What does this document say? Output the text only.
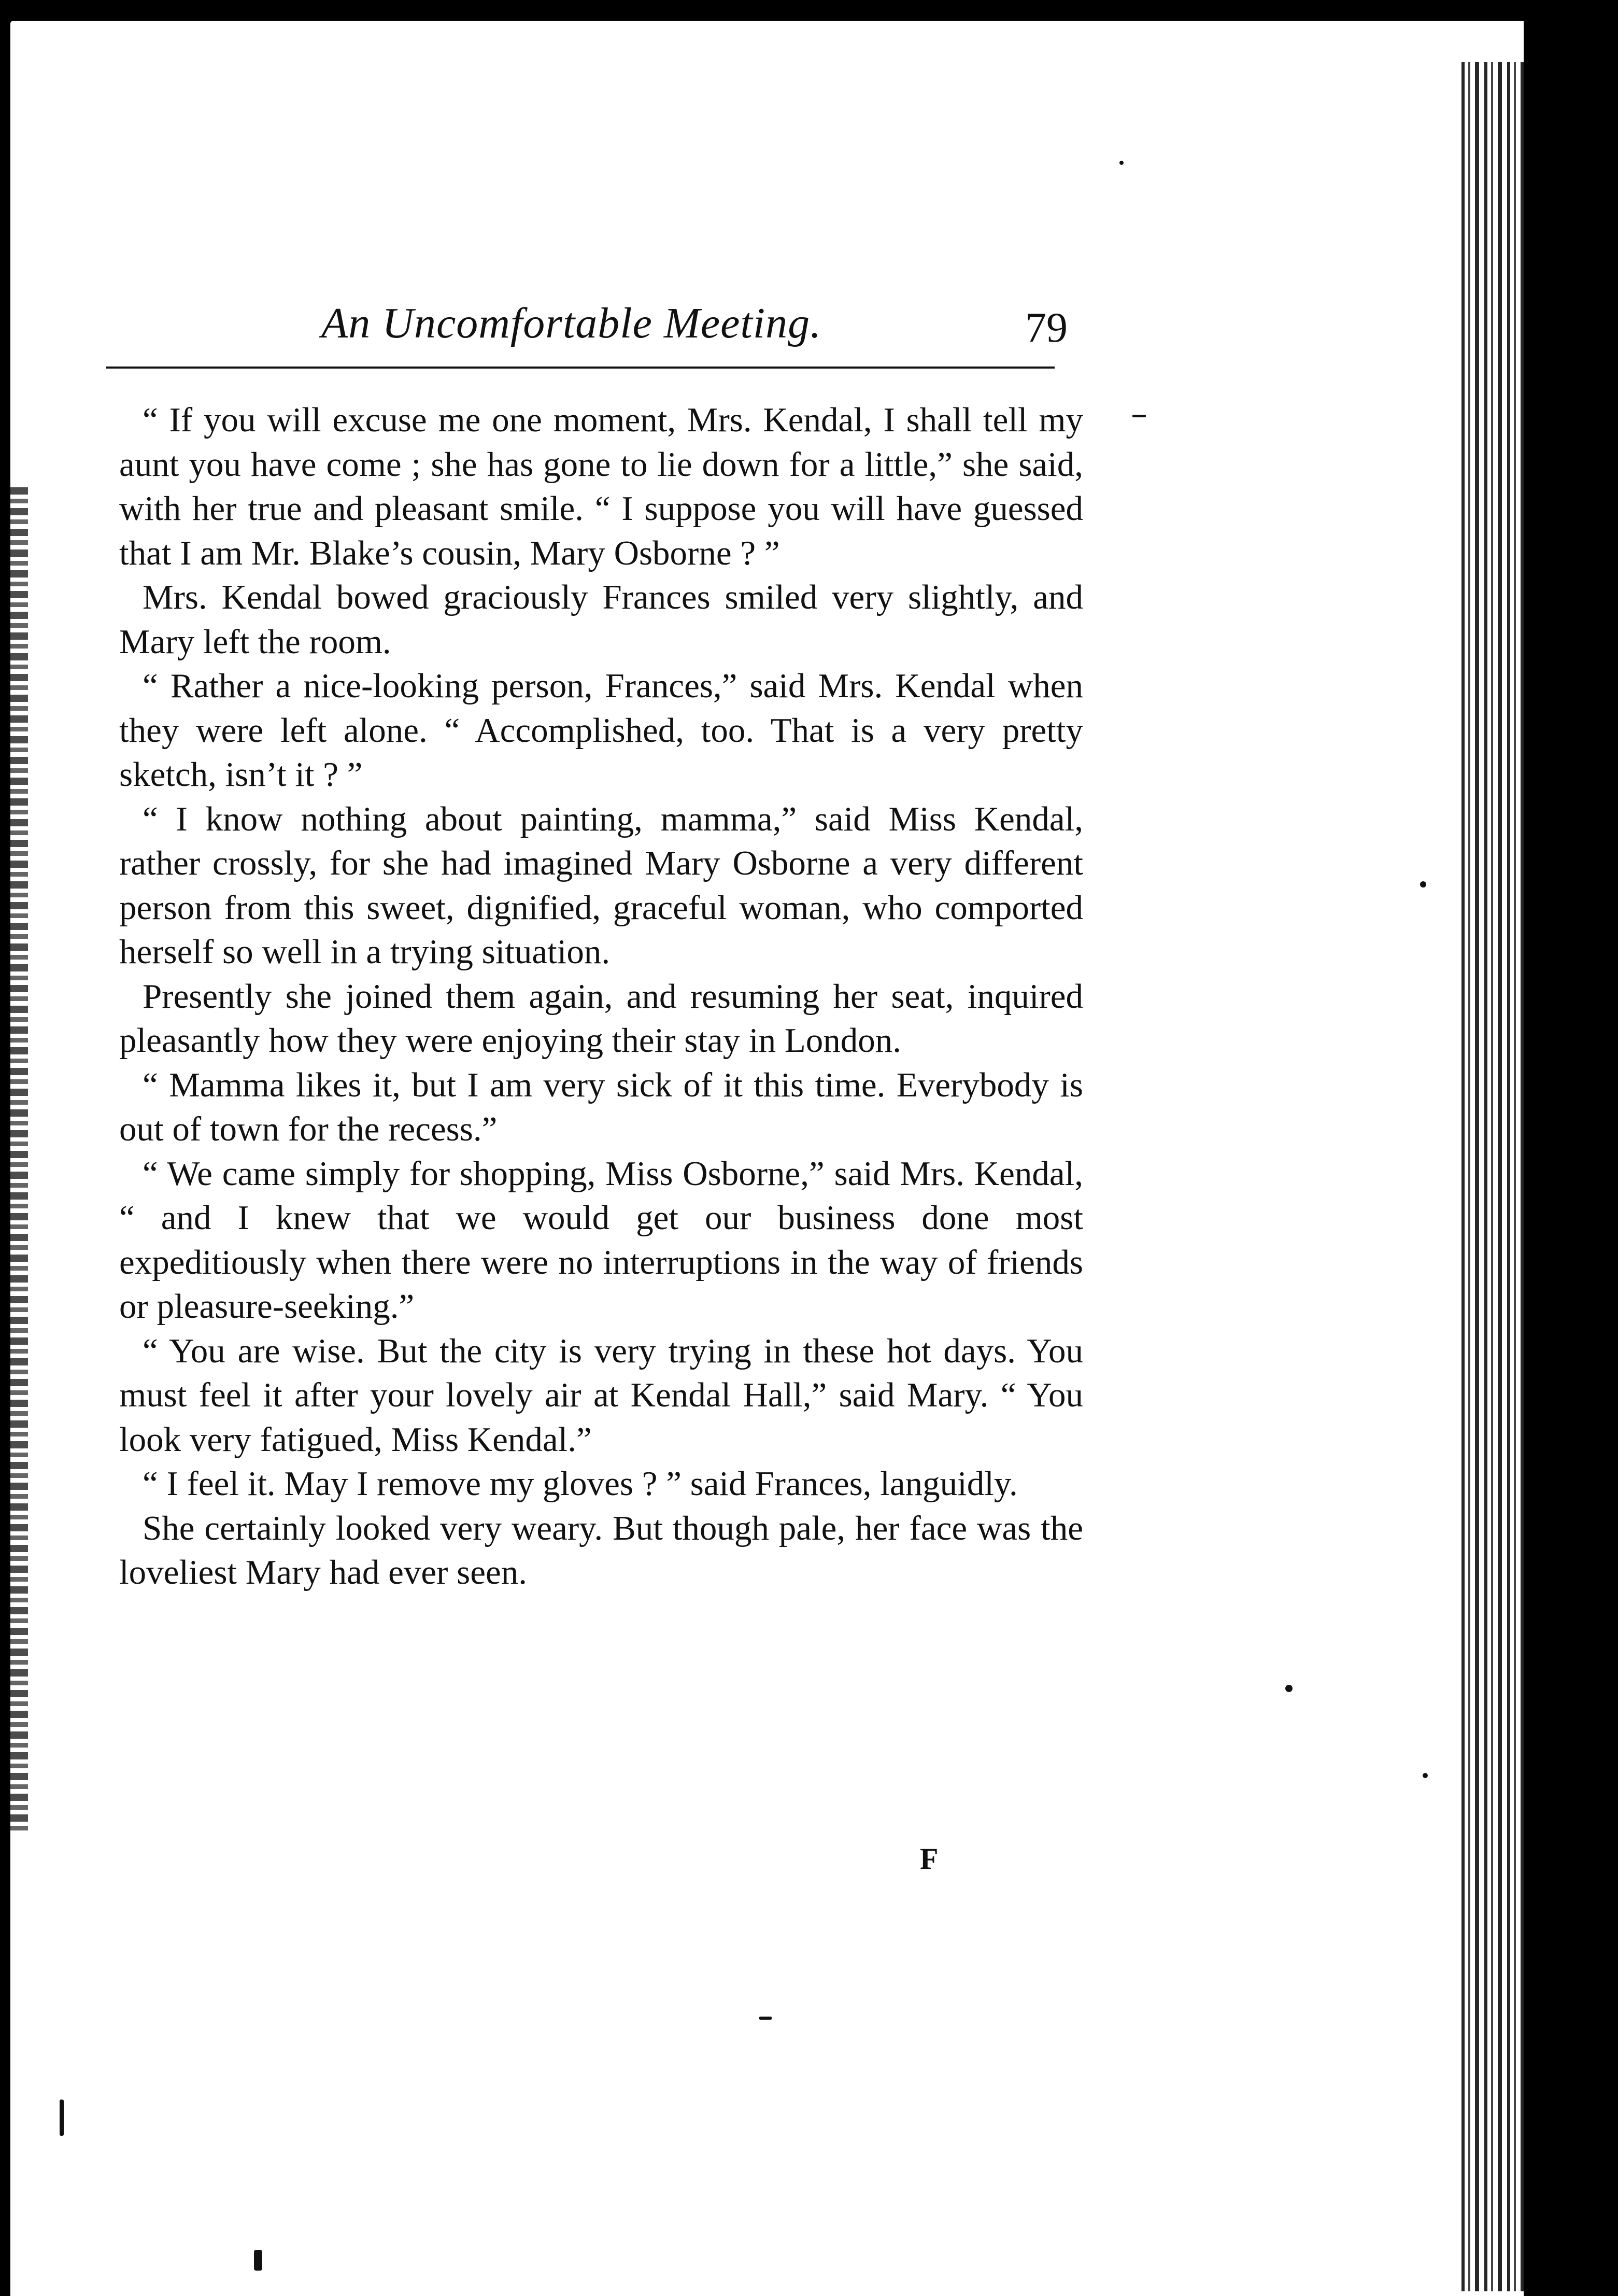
An Uncomfortable Meeting.	79

“ If you will excuse me one moment, Mrs. Kendal, I shall tell my aunt you have come ; she has gone to lie down for a little,” she said, with her true and pleasant smile. “ I suppose you will have guessed that I am Mr. Blake’s cousin, Mary Osborne ? ”

Mrs. Kendal bowed graciously Frances smiled very slightly, and Mary left the room.

“ Rather a nice-looking person, Frances,” said Mrs. Kendal when they were left alone. “ Accomplished, too. That is a very pretty sketch, isn’t it ? ”

“ I know nothing about painting, mamma,” said Miss Kendal, rather crossly, for she had imagined Mary Osborne a very different person from this sweet, dignified, graceful woman, who comported herself so well in a trying situation.

Presently she joined them again, and resuming her seat, inquired pleasantly how they were enjoying their stay in London.

“ Mamma likes it, but I am very sick of it this time. Everybody is out of town for the recess.”

“ We came simply for shopping, Miss Osborne,” said Mrs. Kendal, “ and I knew that we would get our business done most expeditiously when there were no interruptions in the way of friends or pleasure-seeking.”

“ You are wise. But the city is very trying in these hot days. You must feel it after your lovely air at Kendal Hall,” said Mary. “ You look very fatigued, Miss Kendal.”

“ I feel it. May I remove my gloves ? ” said Frances, languidly.

She certainly looked very weary. But though pale, her face was the loveliest Mary had ever seen.

F
